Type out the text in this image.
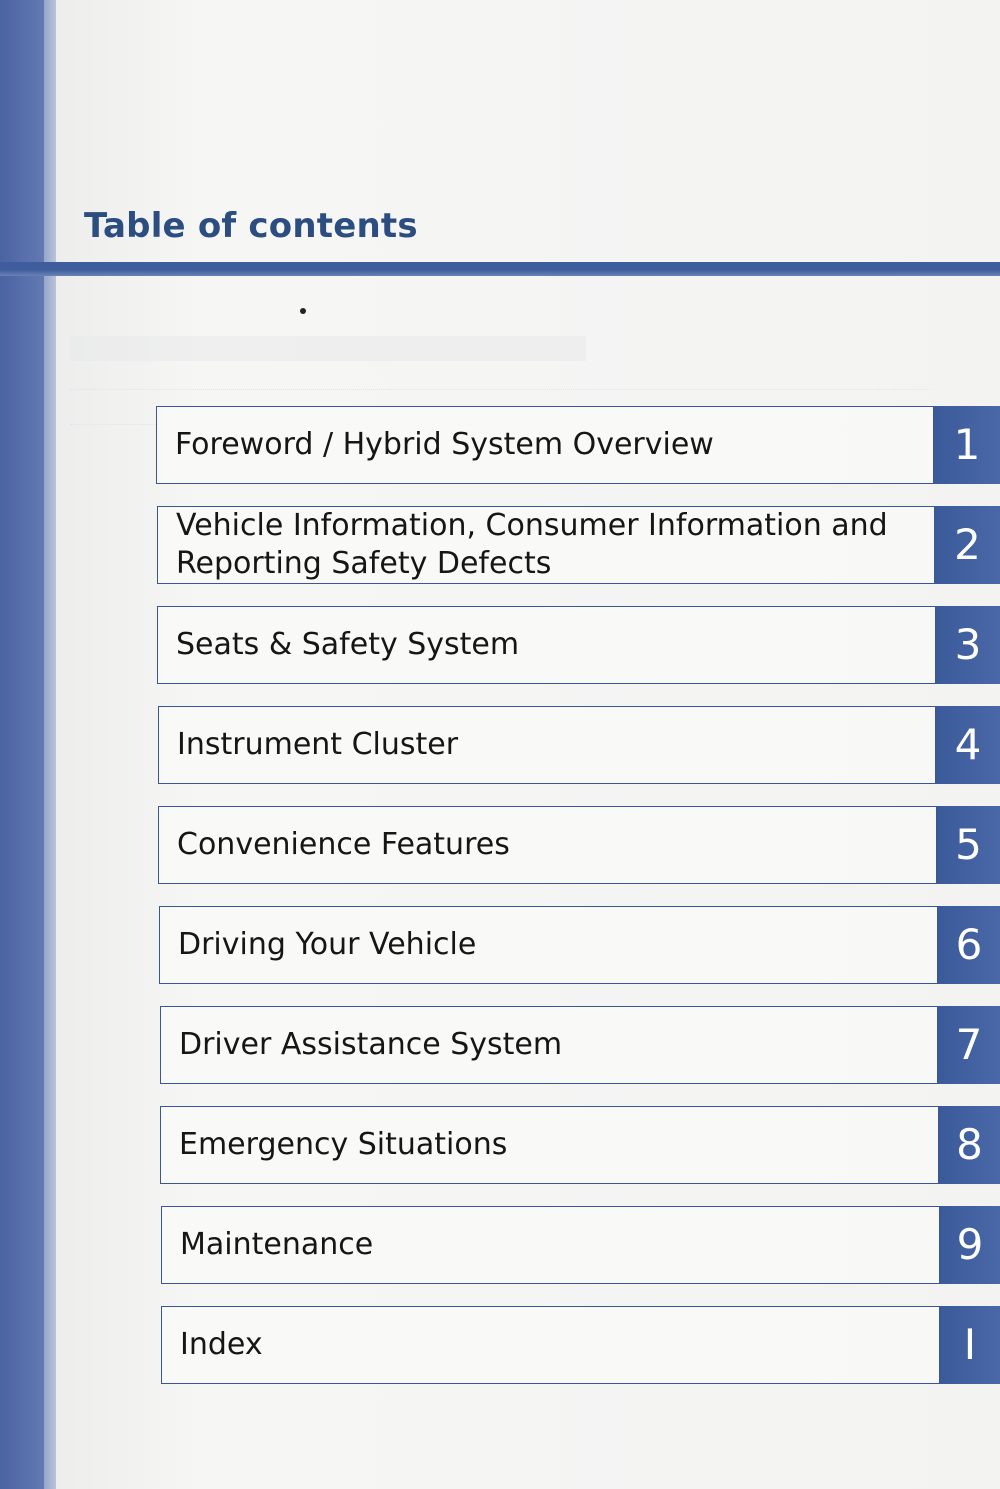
Table of contents
Foreword / Hybrid System Overview	1
Vehicle Information, Consumer Information and Reporting Safety Defects	2
Seats & Safety System	3
Instrument Cluster	4
Convenience Features	5
Driving Your Vehicle	6
Driver Assistance System	7
Emergency Situations	8
Maintenance	9
Index	I
